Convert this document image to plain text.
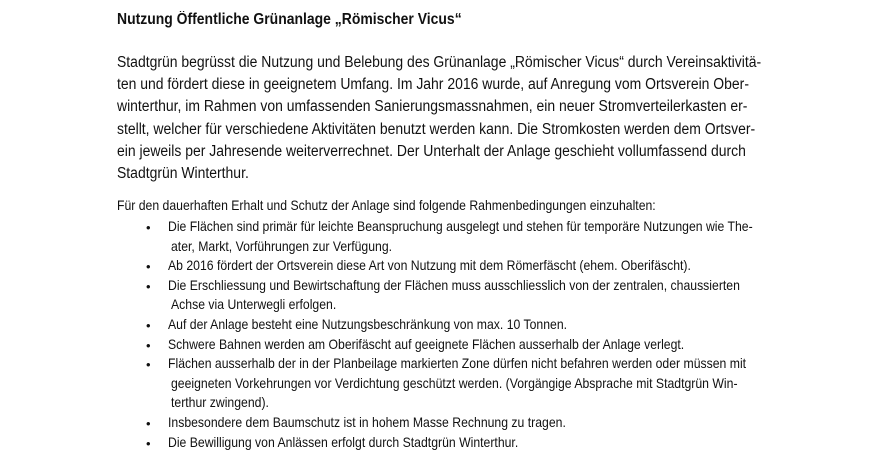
Nutzung Öffentliche Grünanlage „Römischer Vicus“
Stadtgrün begrüsst die Nutzung und Belebung des Grünanlage „Römischer Vicus“ durch Vereinsaktivitä-
ten und fördert diese in geeignetem Umfang. Im Jahr 2016 wurde, auf Anregung vom Ortsverein Ober-
winterthur, im Rahmen von umfassenden Sanierungsmassnahmen, ein neuer Stromverteilerkasten er-
stellt, welcher für verschiedene Aktivitäten benutzt werden kann. Die Stromkosten werden dem Ortsver-
ein jeweils per Jahresende weiterverrechnet. Der Unterhalt der Anlage geschieht vollumfassend durch
Stadtgrün Winterthur.
Für den dauerhaften Erhalt und Schutz der Anlage sind folgende Rahmenbedingungen einzuhalten:
• Die Flächen sind primär für leichte Beanspruchung ausgelegt und stehen für temporäre Nutzungen wie The-
ater, Markt, Vorführungen zur Verfügung.
• Ab 2016 fördert der Ortsverein diese Art von Nutzung mit dem Römerfäscht (ehem. Oberifäscht).
• Die Erschliessung und Bewirtschaftung der Flächen muss ausschliesslich von der zentralen, chaussierten
Achse via Unterwegli erfolgen.
• Auf der Anlage besteht eine Nutzungsbeschränkung von max. 10 Tonnen.
• Schwere Bahnen werden am Oberifäscht auf geeignete Flächen ausserhalb der Anlage verlegt.
• Flächen ausserhalb der in der Planbeilage markierten Zone dürfen nicht befahren werden oder müssen mit
geeigneten Vorkehrungen vor Verdichtung geschützt werden. (Vorgängige Absprache mit Stadtgrün Win-
terthur zwingend).
• Insbesondere dem Baumschutz ist in hohem Masse Rechnung zu tragen.
• Die Bewilligung von Anlässen erfolgt durch Stadtgrün Winterthur.
